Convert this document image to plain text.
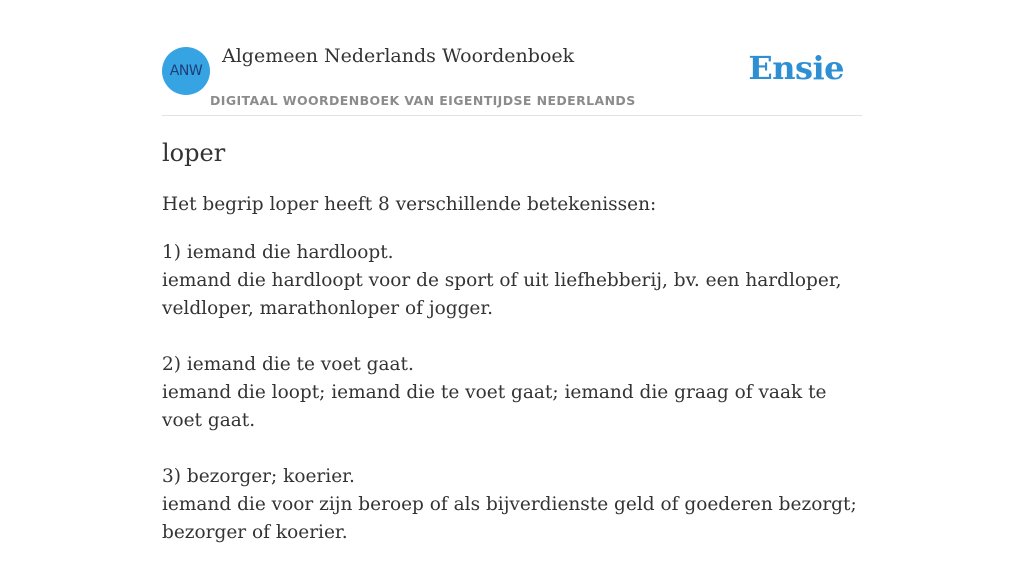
ANW
Algemeen Nederlands Woordenboek
DIGITAAL WOORDENBOEK VAN EIGENTIJDSE NEDERLANDS
Ensie
loper

Het begrip loper heeft 8 verschillende betekenissen:

1) iemand die hardloopt.
iemand die hardloopt voor de sport of uit liefhebberij, bv. een hardloper,
veldloper, marathonloper of jogger.
2) iemand die te voet gaat.
iemand die loopt; iemand die te voet gaat; iemand die graag of vaak te voet gaat.
3) bezorger; koerier.
iemand die voor zijn beroep of als bijverdienste geld of goederen bezorgt;
bezorger of koerier.
